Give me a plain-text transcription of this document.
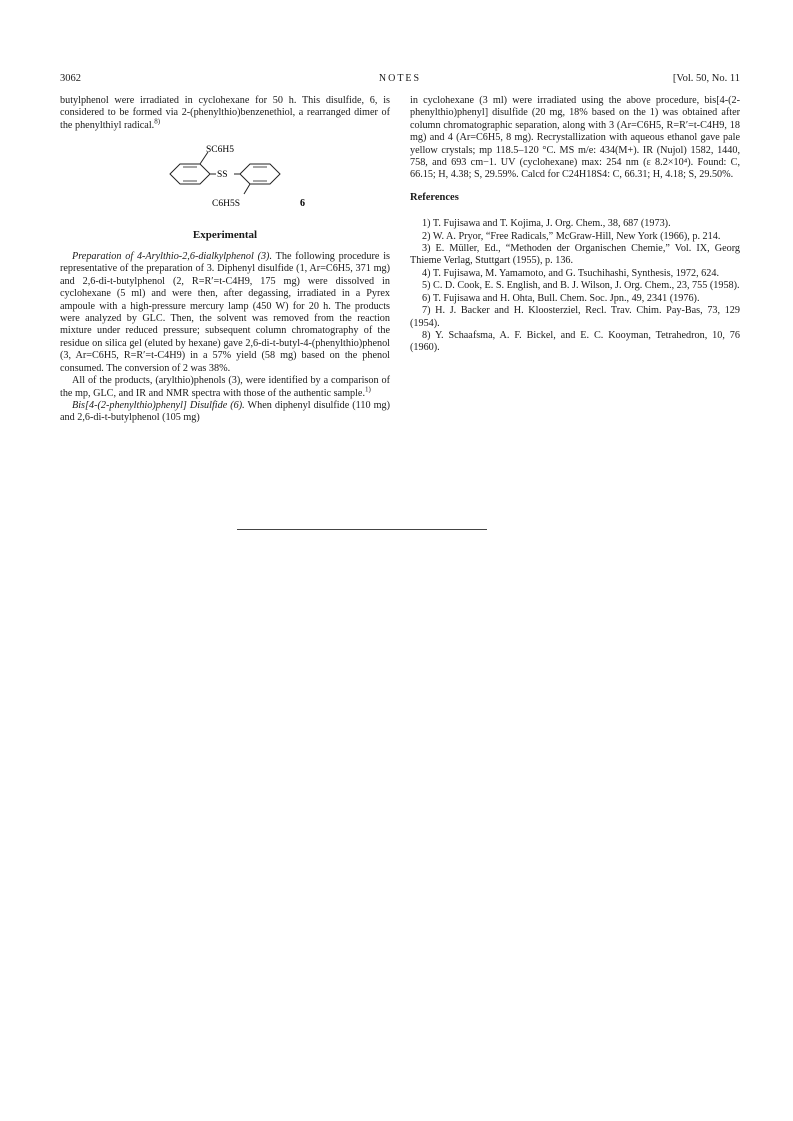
3062	NOTES	[Vol. 50, No. 11

butylphenol were irradiated in cyclohexane for 50 h. This disulfide, 6, is considered to be formed via 2-(phenylthio)benzenethiol, a rearranged dimer of the phenylthiyl radical.$^{8)}$

SC6H5
SS
C6H5S	6
Experimental

Preparation of 4-Arylthio-2,6-dialkylphenol (3). The following procedure is representative of the preparation of 3. Diphenyl disulfide (1, Ar=C6H5, 371 mg) and 2,6-di-t-butylphenol (2, R=R′=t-C4H9, 175 mg) were dissolved in cyclohexane (5 ml) and were then, after degassing, irradiated in a Pyrex ampoule with a high-pressure mercury lamp (450 W) for 20 h. The products were analyzed by GLC. Then, the solvent was removed from the reaction mixture under reduced pressure; subsequent column chromatography of the residue on silica gel (eluted by hexane) gave 2,6-di-t-butyl-4-(phenylthio)phenol (3, Ar=C6H5, R=R′=t-C4H9) in a 57% yield (58 mg) based on the phenol consumed. The conversion of 2 was 38%.

All of the products, (arylthio)phenols (3), were identified by a comparison of the mp, GLC, and IR and NMR spectra with those of the authentic sample.$^{1)}$

Bis[4-(2-phenylthio)phenyl] Disulfide (6). When diphenyl disulfide (110 mg) and 2,6-di-t-butylphenol (105 mg)

in cyclohexane (3 ml) were irradiated using the above procedure, bis[4-(2-phenylthio)phenyl] disulfide (20 mg, 18% based on the 1) was obtained after column chromatographic separation, along with 3 (Ar=C6H5, R=R′=t-C4H9, 18 mg) and 4 (Ar=C6H5, 8 mg). Recrystallization with aqueous ethanol gave pale yellow crystals; mp 118.5–120 °C. MS m/e: 434(M+). IR (Nujol) 1582, 1440, 758, and 693 cm−1. UV (cyclohexane) max: 254 nm (ε 8.2×10⁴). Found: C, 66.15; H, 4.38; S, 29.59%. Calcd for C24H18S4: C, 66.31; H, 4.18; S, 29.50%.

References

1) T. Fujisawa and T. Kojima, J. Org. Chem., 38, 687 (1973).

2) W. A. Pryor, “Free Radicals,” McGraw-Hill, New York (1966), p. 214.

3) E. Müller, Ed., “Methoden der Organischen Chemie,” Vol. IX, Georg Thieme Verlag, Stuttgart (1955), p. 136.

4) T. Fujisawa, M. Yamamoto, and G. Tsuchihashi, Synthesis, 1972, 624.

5) C. D. Cook, E. S. English, and B. J. Wilson, J. Org. Chem., 23, 755 (1958).

6) T. Fujisawa and H. Ohta, Bull. Chem. Soc. Jpn., 49, 2341 (1976).

7) H. J. Backer and H. Kloosterziel, Recl. Trav. Chim. Pay-Bas, 73, 129 (1954).

8) Y. Schaafsma, A. F. Bickel, and E. C. Kooyman, Tetrahedron, 10, 76 (1960).
